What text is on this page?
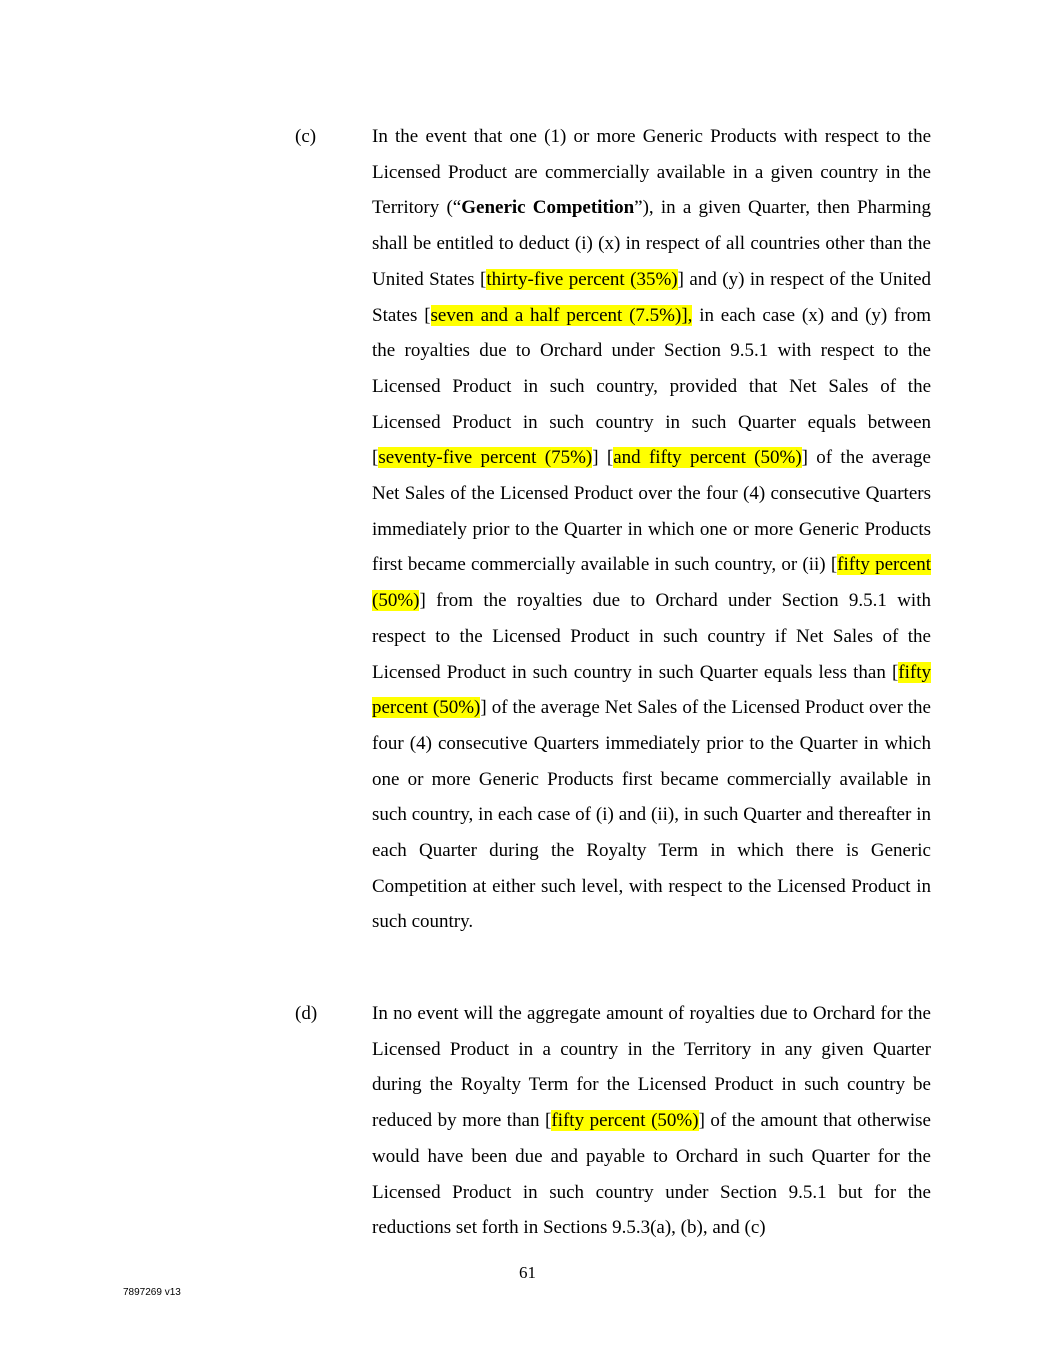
(c)	In the event that one (1) or more Generic Products with respect to the Licensed Product are commercially available in a given country in the Territory (“Generic Competition”), in a given Quarter, then Pharming shall be entitled to deduct (i) (x) in respect of all countries other than the United States [thirty-five percent (35%)] and (y) in respect of the United States [seven and a half percent (7.5%)], in each case (x) and (y) from the royalties due to Orchard under Section 9.5.1 with respect to the Licensed Product in such country, provided that Net Sales of the Licensed Product in such country in such Quarter equals between [seventy-five percent (75%)] [and fifty percent (50%)] of the average Net Sales of the Licensed Product over the four (4) consecutive Quarters immediately prior to the Quarter in which one or more Generic Products first became commercially available in such country, or (ii) [fifty percent (50%)] from the royalties due to Orchard under Section 9.5.1 with respect to the Licensed Product in such country if Net Sales of the Licensed Product in such country in such Quarter equals less than [fifty percent (50%)] of the average Net Sales of the Licensed Product over the four (4) consecutive Quarters immediately prior to the Quarter in which one or more Generic Products first became commercially available in such country, in each case of (i) and (ii), in such Quarter and thereafter in each Quarter during the Royalty Term in which there is Generic Competition at either such level, with respect to the Licensed Product in such country.
(d)	In no event will the aggregate amount of royalties due to Orchard for the Licensed Product in a country in the Territory in any given Quarter during the Royalty Term for the Licensed Product in such country be reduced by more than [fifty percent (50%)] of the amount that otherwise would have been due and payable to Orchard in such Quarter for the Licensed Product in such country under Section 9.5.1 but for the reductions set forth in Sections 9.5.3(a), (b), and (c)
61
7897269 v13
